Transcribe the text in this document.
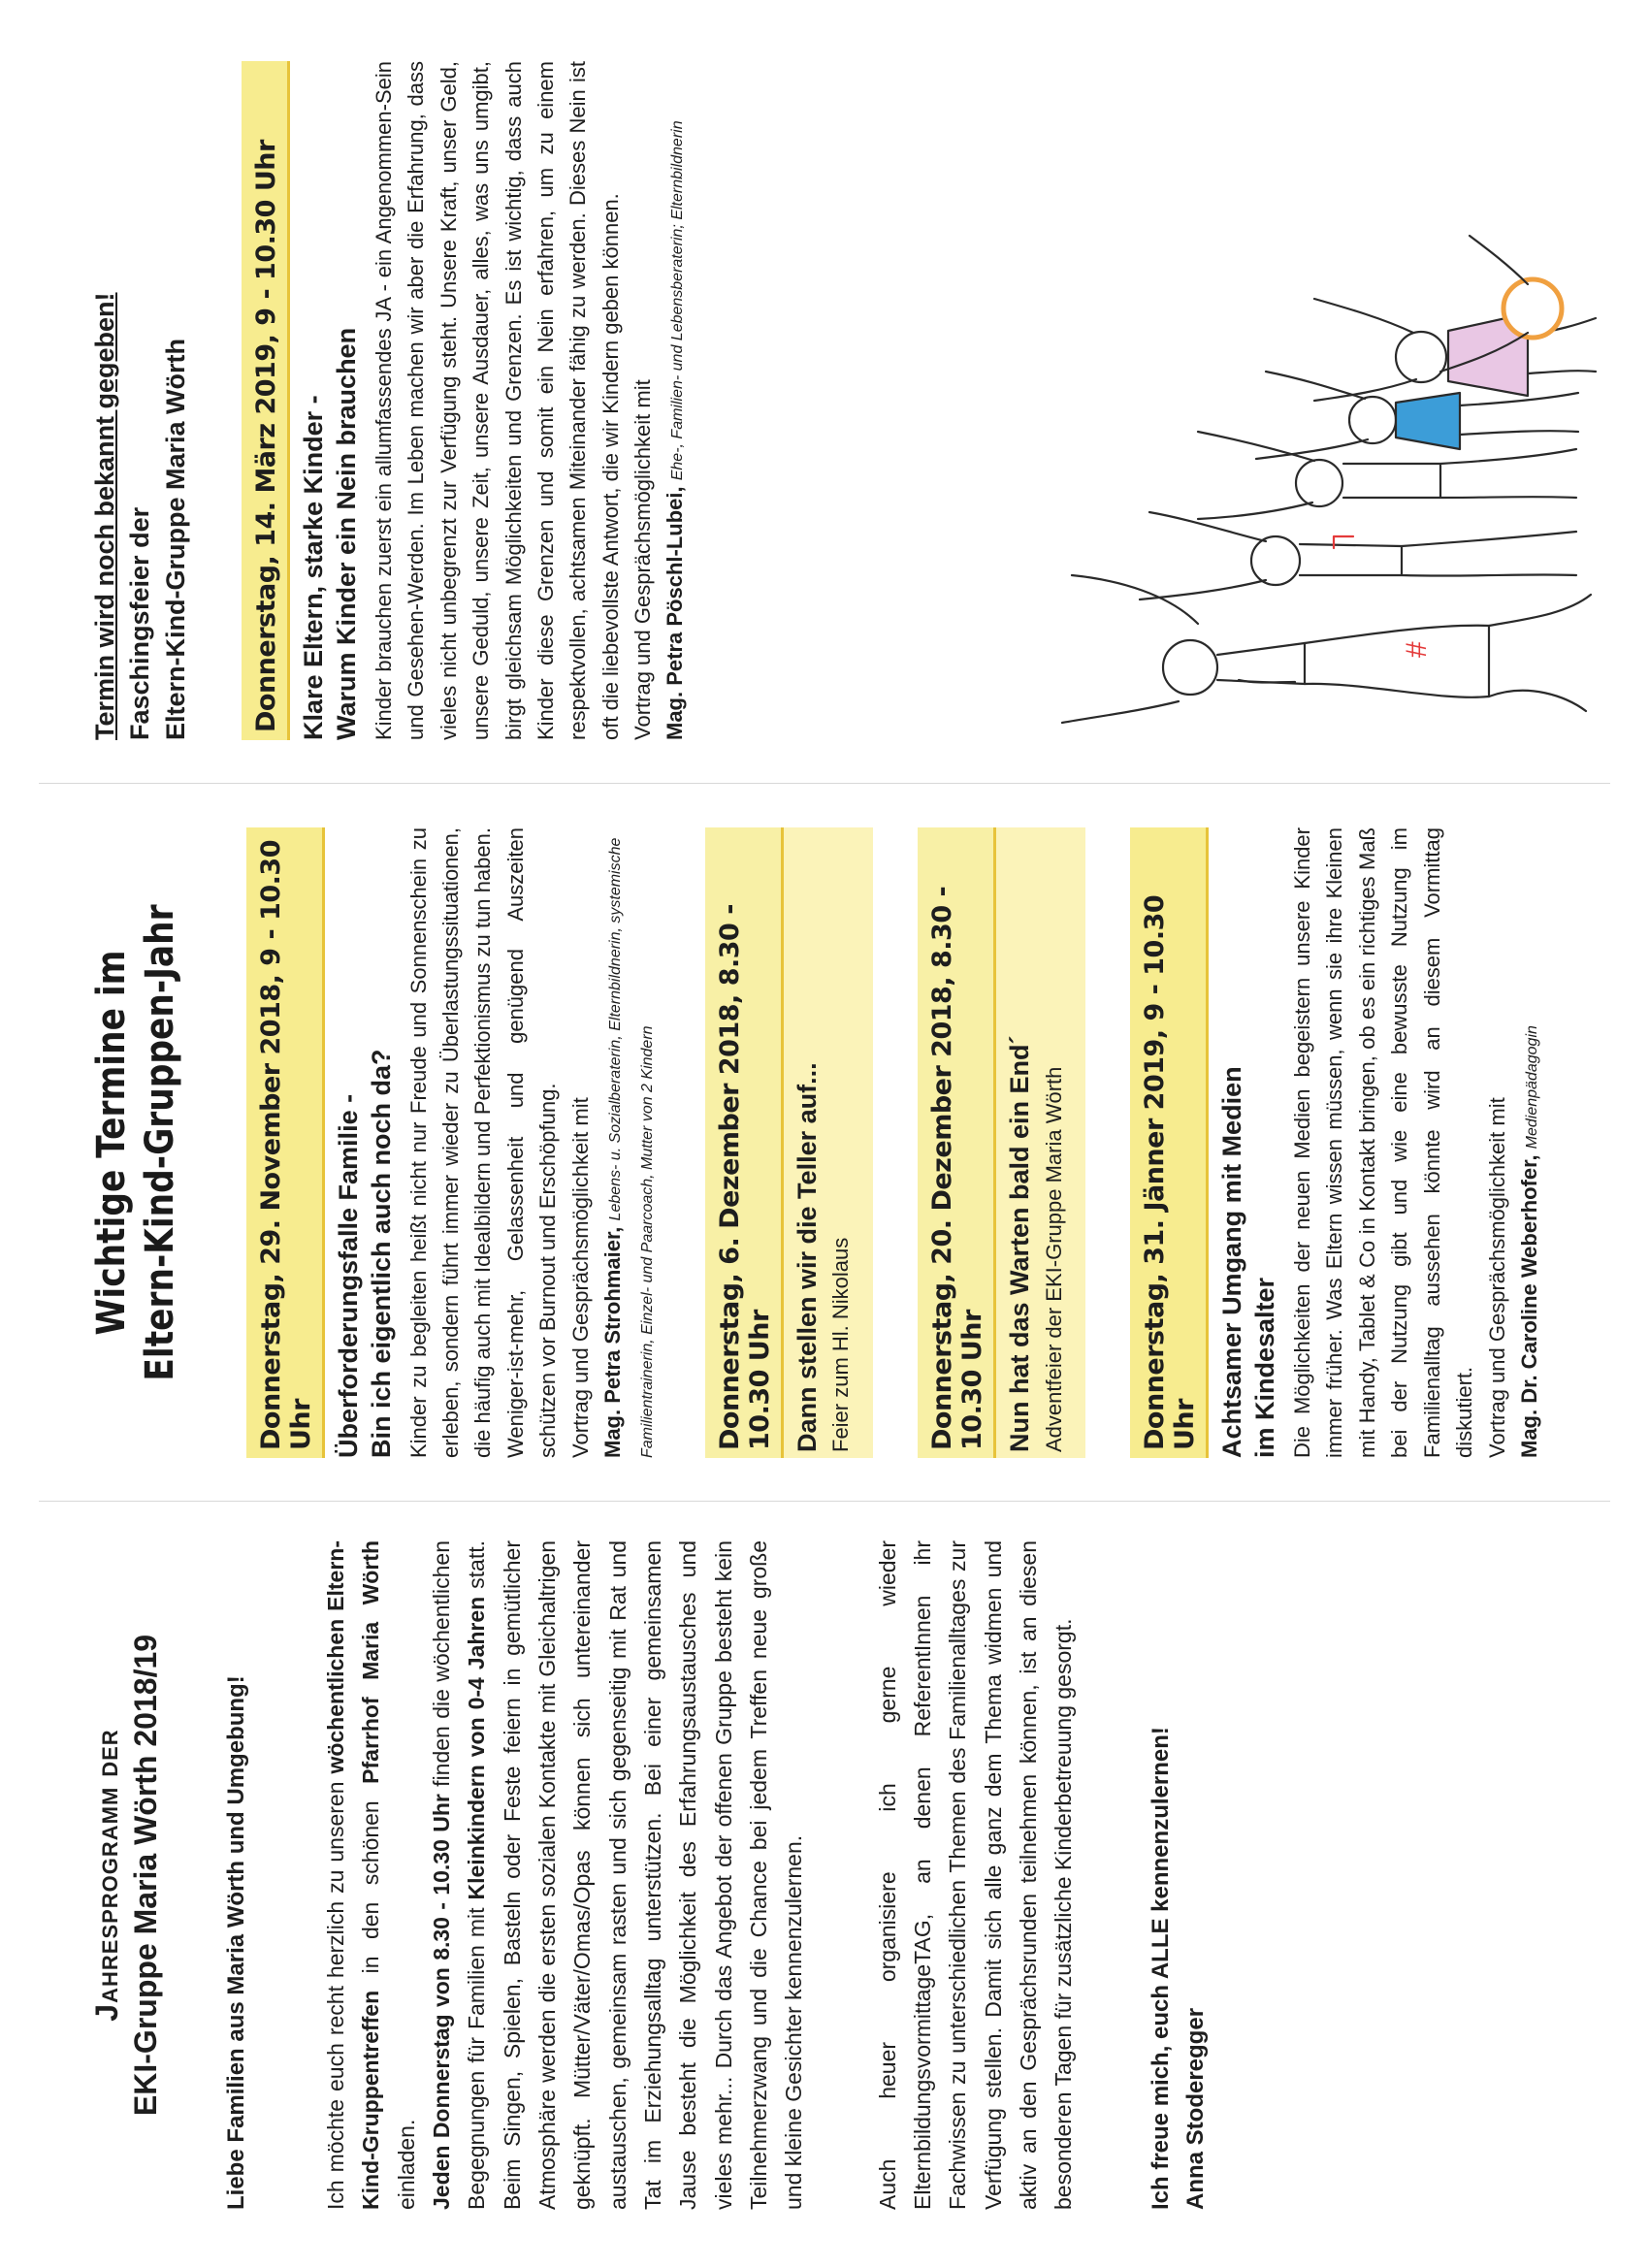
Jahresprogramm der EKI-Gruppe Maria Wörth 2018/19	Liebe Familien aus Maria Wörth und Umgebung!	Ich möchte euch recht herzlich zu unseren wöchentlichen Eltern-Kind-Gruppentreffen in den schönen Pfarrhof Maria Wörth einladen. Jeden Donnerstag von 8.30 - 10.30 Uhr finden die wöchentlichen Begegnungen für Familien mit Kleinkindern von 0-4 Jahren statt. Beim Singen, Spielen, Basteln oder Feste feiern in gemütlicher Atmosphäre werden die ersten sozialen Kontakte mit Gleichaltrigen geknüpft. Mütter/Väter/Omas/Opas können sich untereinander austauschen, gemeinsam rasten und sich gegenseitig mit Rat und Tat im Erziehungsalltag unterstützen. Bei einer gemeinsamen Jause besteht die Möglichkeit des Erfahrungsaustausches und vieles mehr... Durch das Angebot der offenen Gruppe besteht kein Teilnehmerzwang und die Chance bei jedem Treffen neue große und kleine Gesichter kennenzulernen.	Auch heuer organisiere ich gerne wieder ElternbildungsvormittageTAG, an denen ReferentInnen ihr Fachwissen zu unterschiedlichen Themen des Familienalltages zur Verfügung stellen. Damit sich alle ganz dem Thema widmen und aktiv an den Gesprächsrunden teilnehmen können, ist an diesen besonderen Tagen für zusätzliche Kinderbetreuung gesorgt.	Ich freue mich, euch ALLE kennenzulernen! Anna Stoderegger
Wichtige Termine im Eltern-Kind-Gruppen-Jahr	Donnerstag, 29. November 2018, 9 - 10.30 Uhr Überforderungsfalle Familie - Bin ich eigentlich auch noch da? Kinder zu begleiten heißt nicht nur Freude und Sonnenschein zu erleben, sondern führt immer wieder zu Überlastungssituationen, die häufig auch mit Idealbildern und Perfektionismus zu tun haben. Weniger-ist-mehr, Gelassenheit und genügend Auszeiten schützen vor Burnout und Erschöpfung. Vortrag und Gesprächsmöglichkeit mit Mag. Petra Strohmaier, Lebens- u. Sozialberaterin, Elternbildnerin, systemische Familientrainerin, Einzel- und Paarcoach, Mutter von 2 Kindern	Donnerstag, 6. Dezember 2018, 8.30 - 10.30 Uhr Dann stellen wir die Teller auf... Feier zum Hl. Nikolaus	Donnerstag, 20. Dezember 2018, 8.30 - 10.30 Uhr Nun hat das Warten bald ein End´ Adventfeier der EKI-Gruppe Maria Wörth	Donnerstag, 31. Jänner 2019, 9 - 10.30 Uhr Achtsamer Umgang mit Medien im Kindesalter Die Möglichkeiten der neuen Medien begeistern unsere Kinder immer früher. Was Eltern wissen müssen, wenn sie ihre Kleinen mit Handy, Tablet & Co in Kontakt bringen, ob es ein richtiges Maß bei der Nutzung gibt und wie eine bewusste Nutzung im Familienalltag aussehen könnte wird an diesem Vormittag diskutiert. Vortrag und Gesprächsmöglichkeit mit Mag. Dr. Caroline Weberhofer, Medienpädagogin
Termin wird noch bekannt gegeben! Faschingsfeier der Eltern-Kind-Gruppe Maria Wörth	Donnerstag, 14. März 2019, 9 - 10.30 Uhr Klare Eltern, starke Kinder - Warum Kinder ein Nein brauchen Kinder brauchen zuerst ein allumfassendes JA - ein Angenommen-Sein und Gesehen-Werden. Im Leben machen wir aber die Erfahrung, dass vieles nicht unbegrenzt zur Verfügung steht. Unsere Kraft, unser Geld, unsere Geduld, unsere Zeit, unsere Ausdauer, alles, was uns umgibt, birgt gleichsam Möglichkeiten und Grenzen. Es ist wichtig, dass auch Kinder diese Grenzen und somit ein Nein erfahren, um zu einem respektvollen, achtsamen Miteinander fähig zu werden. Dieses Nein ist oft die liebevollste Antwort, die wir Kindern geben können. Vortrag und Gesprächsmöglichkeit mit Mag. Petra Pöschl-Lubei, Ehe-, Familien- und Lebensberaterin; Elternbildnerin
#
